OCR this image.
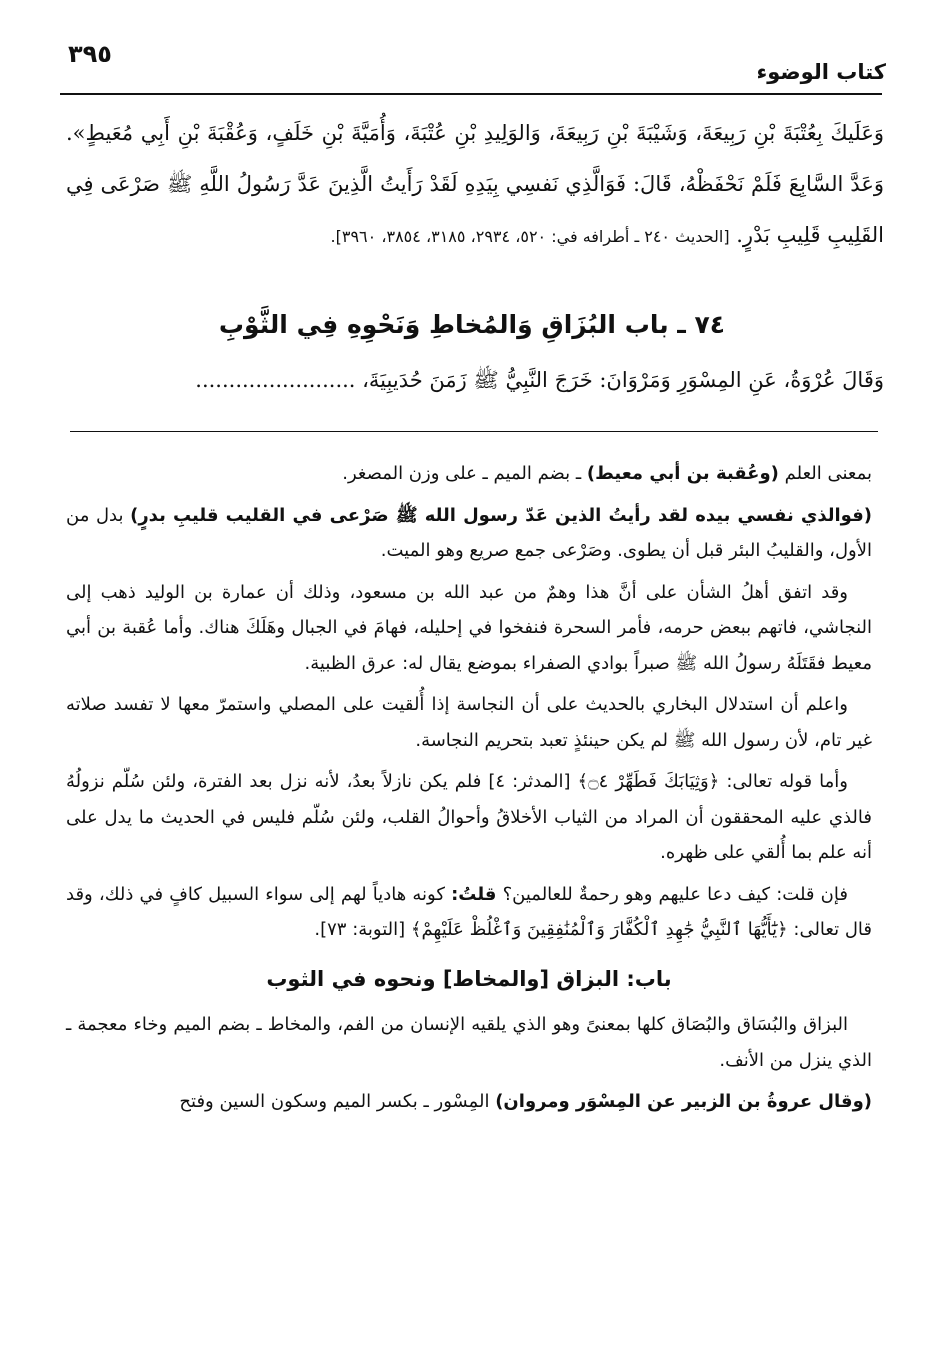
كتاب الوضوء
٣٩٥
وَعَلَيكَ بِعُتْبَةَ بْنِ رَبِيعَةَ، وَشَيْبَةَ بْنِ رَبِيعَةَ، وَالوَلِيدِ بْنِ عُتْبَةَ، وَأُمَيَّةَ بْنِ خَلَفٍ، وَعُقْبَةَ بْنِ أَبِي مُعَيطٍ». وَعَدَّ السَّابِعَ فَلَمْ نَحْفَظْهُ، قَالَ: فَوَالَّذِي نَفسِي بِيَدِهِ لَقَدْ رَأَيتُ الَّذِينَ عَدَّ رَسُولُ اللَّهِ ﷺ صَرْعَى فِي القَلِيبِ قَلِيبِ بَدْرٍ. [الحديث ٢٤٠ ـ أطرافه في: ٥٢٠، ٢٩٣٤، ٣١٨٥، ٣٨٥٤، ٣٩٦٠].
٧٤ ـ باب البُزَاقِ وَالمُخاطِ وَنَحْوِهِ فِي الثَّوْبِ
وَقَالَ عُرْوَةُ، عَنِ المِسْوَرِ وَمَرْوَانَ: خَرَجَ النَّبِيُّ ﷺ زَمَنَ حُدَيبِيَةَ، ........................

بمعنى العلم (وعُقبة بن أبي معيط) ـ بضم الميم ـ على وزن المصغر.

(فوالذي نفسي بيده لقد رأيتُ الذين عَدّ رسول الله ﷺ صَرْعى في القليب قليبِ بدرٍ) بدل من الأول، والقليبُ البئر قبل أن يطوى. وصَرْعى جمع صريع وهو الميت.

وقد اتفق أهلُ الشأن على أنَّ هذا وهمٌ من عبد الله بن مسعود، وذلك أن عمارة بن الوليد ذهب إلى النجاشي، فاتهم ببعض حرمه، فأمر السحرة فنفخوا في إحليله، فهامَ في الجبال وهَلَكَ هناك. وأما عُقبة بن أبي معيط فقَتَلَهُ رسولُ الله ﷺ صبراً بوادي الصفراء بموضع يقال له: عرق الظبية.

واعلم أن استدلال البخاري بالحديث على أن النجاسة إذا أُلقيت على المصلي واستمرّ معها لا تفسد صلاته غير تام، لأن رسول الله ﷺ لم يكن حينئذٍ تعبد بتحريم النجاسة.

وأما قوله تعالى: ﴿وَثِيَابَكَ فَطَهِّرْ ۝٤﴾ [المدثر: ٤] فلم يكن نازلاً بعدُ، لأنه نزل بعد الفترة، ولئن سُلّم نزولُهُ فالذي عليه المحققون أن المراد من الثياب الأخلاقُ وأحوالُ القلب، ولئن سُلّم فليس في الحديث ما يدل على أنه علم بما أُلقي على ظهره.

فإن قلت: كيف دعا عليهم وهو رحمةٌ للعالمين؟ قلتُ: كونه هادياً لهم إلى سواء السبيل كافٍ في ذلك، وقد قال تعالى: ﴿يَٰٓأَيُّهَا ٱلنَّبِيُّ جَٰهِدِ ٱلْكُفَّارَ وَٱلْمُنَٰفِقِينَ وَٱغْلُظْ عَلَيْهِمْ﴾ [التوبة: ٧٣].

باب: البزاق [والمخاط] ونحوه في الثوب

البزاق والبُسَاق والبُصَاق كلها بمعنىً وهو الذي يلقيه الإنسان من الفم، والمخاط ـ بضم الميم وخاء معجمة ـ الذي ينزل من الأنف.

(وقال عروةُ بن الزبير عن المِسْوَر ومروان) المِسْور ـ بكسر الميم وسكون السين وفتح
